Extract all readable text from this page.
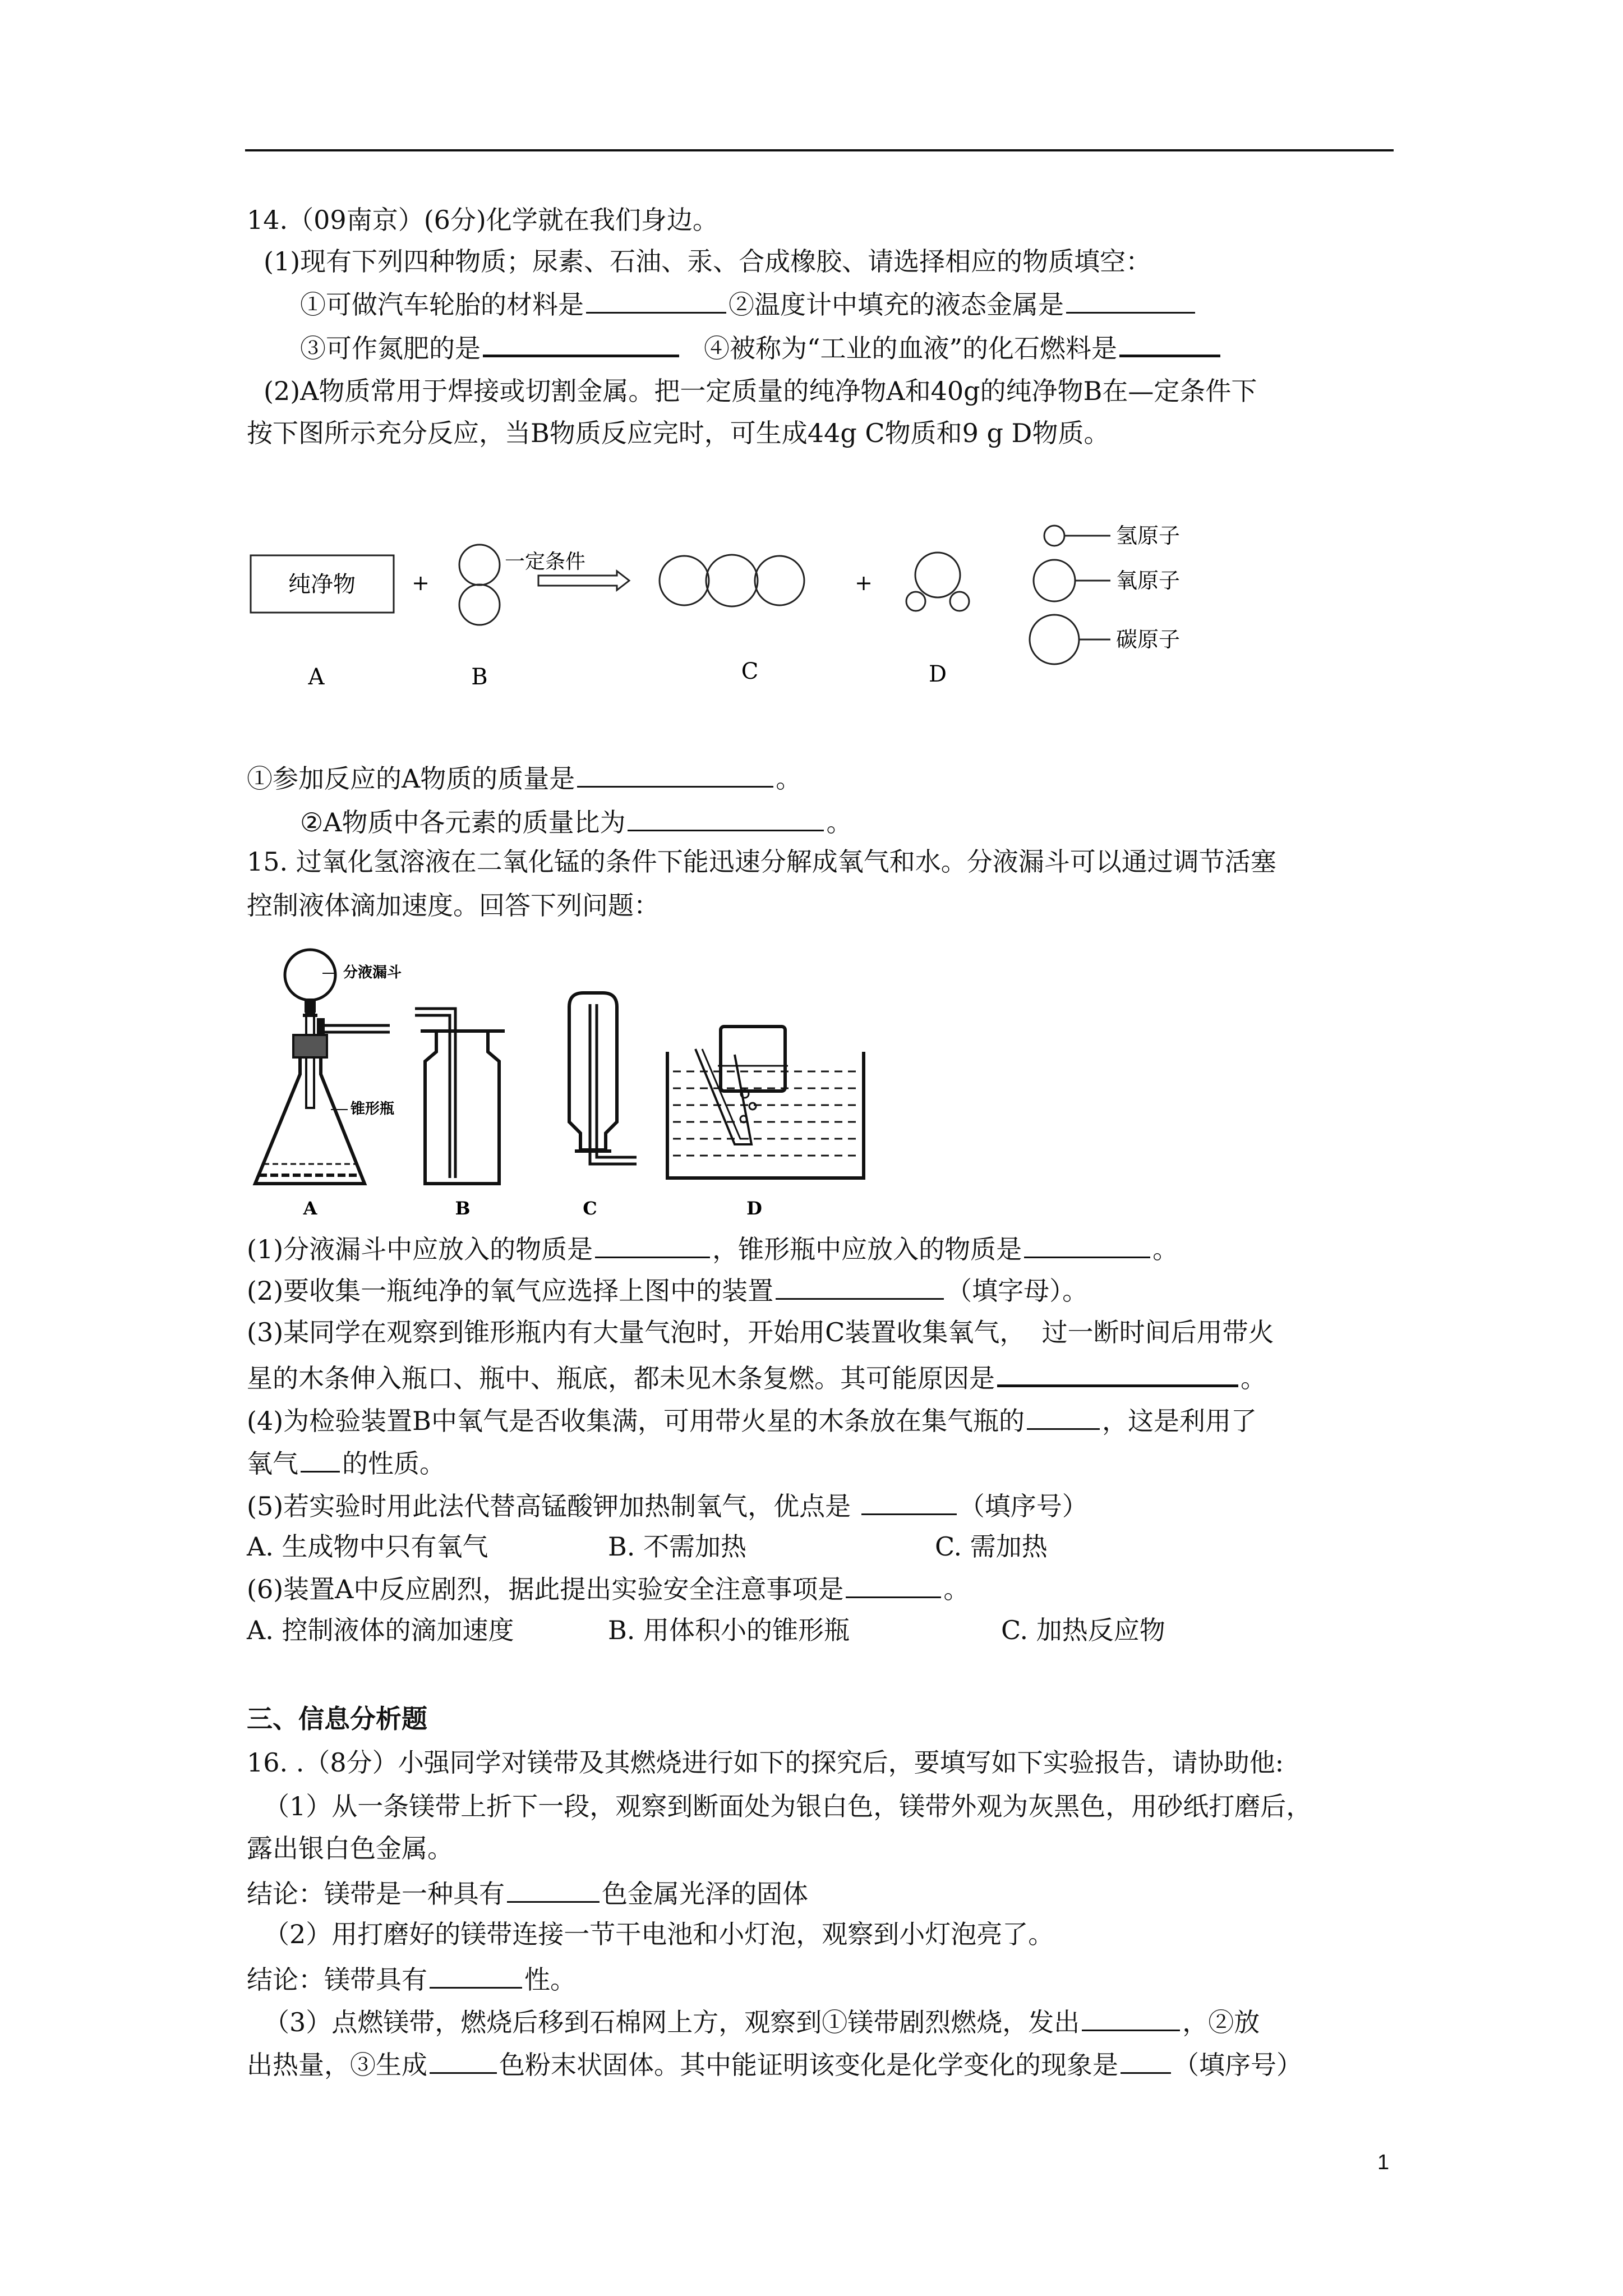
14.（09南京）(6分)化学就在我们身边。
(1)现有下列四种物质；尿素、石油、汞、合成橡胶、请选择相应的物质填空：
①可做汽车轮胎的材料是	②温度计中填充的液态金属是
③可作氮肥的是	④被称为“工业的血液”的化石燃料是
(2)A物质常用于焊接或切割金属。把一定质量的纯净物A和40g的纯净物B在—定条件下
按下图所示充分反应，当B物质反应完时，可生成44g C物质和9 g D物质。
纯净物	+
一定条件
+
氢原子
氧原子
碳原子
A	B	C	D
①参加反应的A物质的质量是	。
②A物质中各元素的质量比为	。
15. 过氧化氢溶液在二氧化锰的条件下能迅速分解成氧气和水。分液漏斗可以通过调节活塞
控制液体滴加速度。回答下列问题：
分液漏斗
锥形瓶
A	B	C	D
(1)分液漏斗中应放入的物质是	，锥形瓶中应放入的物质是	。
(2)要收集一瓶纯净的氧气应选择上图中的装置	（填字母）。
(3)某同学在观察到锥形瓶内有大量气泡时，开始用C装置收集氧气，  过一断时间后用带火
星的木条伸入瓶口、瓶中、瓶底，都未见木条复燃。其可能原因是	。
(4)为检验装置B中氧气是否收集满，可用带火星的木条放在集气瓶的	，这是利用了
氧气 的性质。
(5)若实验时用此法代替高锰酸钾加热制氧气，优点是	（填序号）
A. 生成物中只有氧气	B. 不需加热	C. 需加热
(6)装置A中反应剧烈，据此提出实验安全注意事项是	。
A. 控制液体的滴加速度	B. 用体积小的锥形瓶	C. 加热反应物
三、信息分析题
16. .（8分）小强同学对镁带及其燃烧进行如下的探究后，要填写如下实验报告，请协助他:
（1）从一条镁带上折下一段，观察到断面处为银白色，镁带外观为灰黑色，用砂纸打磨后，
露出银白色金属。
结论：镁带是一种具有	色金属光泽的固体
（2）用打磨好的镁带连接一节干电池和小灯泡，观察到小灯泡亮了。
结论：镁带具有	性。
（3）点燃镁带，燃烧后移到石棉网上方，观察到①镁带剧烈燃烧，发出	，②放
出热量，③生成	色粉末状固体。其中能证明该变化是化学变化的现象是 （填序号）
1
